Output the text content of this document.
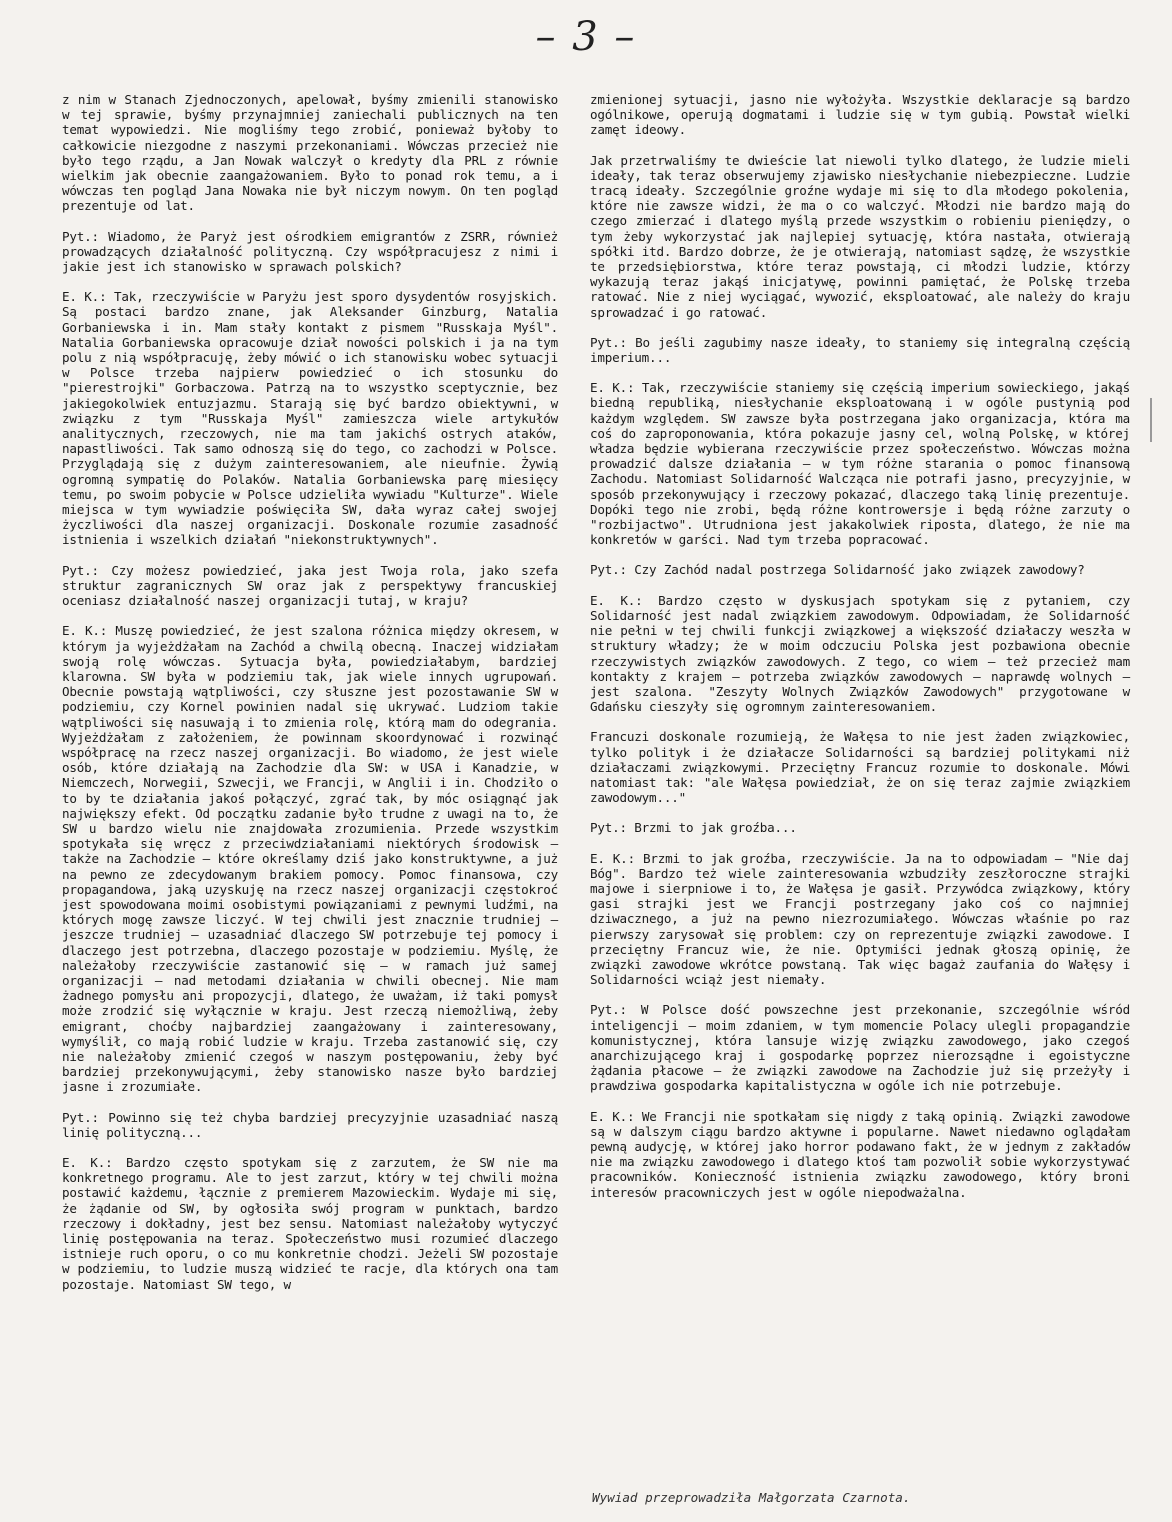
– 3 –

z nim w Stanach Zjednoczonych, apelował, byśmy zmienili stanowisko w tej sprawie, byśmy przynajmniej zaniechali publicznych na ten temat wypowiedzi. Nie mogliśmy tego zrobić, ponieważ byłoby to całkowicie niezgodne z naszymi przekonaniami. Wówczas przecież nie było tego rządu, a Jan Nowak walczył o kredyty dla PRL z równie wielkim jak obecnie zaangażowaniem. Było to ponad rok temu, a i wówczas ten pogląd Jana Nowaka nie był niczym nowym. On ten pogląd prezentuje od lat.

Pyt.: Wiadomo, że Paryż jest ośrodkiem emigrantów z ZSRR, również prowadzących działalność polityczną. Czy współpracujesz z nimi i jakie jest ich stanowisko w sprawach polskich?

E. K.: Tak, rzeczywiście w Paryżu jest sporo dysydentów rosyjskich. Są postaci bardzo znane, jak Aleksander Ginzburg, Natalia Gorbaniewska i in. Mam stały kontakt z pismem "Russkaja Myśl". Natalia Gorbaniewska opracowuje dział nowości polskich i ja na tym polu z nią współpracuję, żeby mówić o ich stanowisku wobec sytuacji w Polsce trzeba najpierw powiedzieć o ich stosunku do "pierestrojki" Gorbaczowa. Patrzą na to wszystko sceptycznie, bez jakiegokolwiek entuzjazmu. Starają się być bardzo obiektywni, w związku z tym "Russkaja Myśl" zamieszcza wiele artykułów analitycznych, rzeczowych, nie ma tam jakichś ostrych ataków, napastliwości. Tak samo odnoszą się do tego, co zachodzi w Polsce. Przyglądają się z dużym zainteresowaniem, ale nieufnie. Żywią ogromną sympatię do Polaków. Natalia Gorbaniewska parę miesięcy temu, po swoim pobycie w Polsce udzieliła wywiadu "Kulturze". Wiele miejsca w tym wywiadzie poświęciła SW, dała wyraz całej swojej życzliwości dla naszej organizacji. Doskonale rozumie zasadność istnienia i wszelkich działań "niekonstruktywnych".

Pyt.: Czy możesz powiedzieć, jaka jest Twoja rola, jako szefa struktur zagranicznych SW oraz jak z perspektywy francuskiej oceniasz działalność naszej organizacji tutaj, w kraju?

E. K.: Muszę powiedzieć, że jest szalona różnica między okresem, w którym ja wyjeżdżałam na Zachód a chwilą obecną. Inaczej widziałam swoją rolę wówczas. Sytuacja była, powiedziałabym, bardziej klarowna. SW była w podziemiu tak, jak wiele innych ugrupowań. Obecnie powstają wątpliwości, czy słuszne jest pozostawanie SW w podziemiu, czy Kornel powinien nadal się ukrywać. Ludziom takie wątpliwości się nasuwają i to zmienia rolę, którą mam do odegrania. Wyjeżdżałam z założeniem, że powinnam skoordynować i rozwinąć współpracę na rzecz naszej organizacji. Bo wiadomo, że jest wiele osób, które działają na Zachodzie dla SW: w USA i Kanadzie, w Niemczech, Norwegii, Szwecji, we Francji, w Anglii i in. Chodziło o to by te działania jakoś połączyć, zgrać tak, by móc osiągnąć jak największy efekt. Od początku zadanie było trudne z uwagi na to, że SW u bardzo wielu nie znajdowała zrozumienia. Przede wszystkim spotykała się wręcz z przeciwdziałaniami niektórych środowisk – także na Zachodzie – które określamy dziś jako konstruktywne, a już na pewno ze zdecydowanym brakiem pomocy. Pomoc finansowa, czy propagandowa, jaką uzyskuję na rzecz naszej organizacji częstokroć jest spowodowana moimi osobistymi powiązaniami z pewnymi ludźmi, na których mogę zawsze liczyć. W tej chwili jest znacznie trudniej – jeszcze trudniej – uzasadniać dlaczego SW potrzebuje tej pomocy i dlaczego jest potrzebna, dlaczego pozostaje w podziemiu. Myślę, że należałoby rzeczywiście zastanowić się – w ramach już samej organizacji – nad metodami działania w chwili obecnej. Nie mam żadnego pomysłu ani propozycji, dlatego, że uważam, iż taki pomysł może zrodzić się wyłącznie w kraju. Jest rzeczą niemożliwą, żeby emigrant, choćby najbardziej zaangażowany i zainteresowany, wymyślił, co mają robić ludzie w kraju. Trzeba zastanowić się, czy nie należałoby zmienić czegoś w naszym postępowaniu, żeby być bardziej przekonywującymi, żeby stanowisko nasze było bardziej jasne i zrozumiałe.

Pyt.: Powinno się też chyba bardziej precyzyjnie uzasadniać naszą linię polityczną...

E. K.: Bardzo często spotykam się z zarzutem, że SW nie ma konkretnego programu. Ale to jest zarzut, który w tej chwili można postawić każdemu, łącznie z premierem Mazowieckim. Wydaje mi się, że żądanie od SW, by ogłosiła swój program w punktach, bardzo rzeczowy i dokładny, jest bez sensu. Natomiast należałoby wytyczyć linię postępowania na teraz. Społeczeństwo musi rozumieć dlaczego istnieje ruch oporu, o co mu konkretnie chodzi. Jeżeli SW pozostaje w podziemiu, to ludzie muszą widzieć te racje, dla których ona tam pozostaje. Natomiast SW tego, w

zmienionej sytuacji, jasno nie wyłożyła. Wszystkie deklaracje są bardzo ogólnikowe, operują dogmatami i ludzie się w tym gubią. Powstał wielki zamęt ideowy.

Jak przetrwaliśmy te dwieście lat niewoli tylko dlatego, że ludzie mieli ideały, tak teraz obserwujemy zjawisko niesłychanie niebezpieczne. Ludzie tracą ideały. Szczególnie groźne wydaje mi się to dla młodego pokolenia, które nie zawsze widzi, że ma o co walczyć. Młodzi nie bardzo mają do czego zmierzać i dlatego myślą przede wszystkim o robieniu pieniędzy, o tym żeby wykorzystać jak najlepiej sytuację, która nastała, otwierają spółki itd. Bardzo dobrze, że je otwierają, natomiast sądzę, że wszystkie te przedsiębiorstwa, które teraz powstają, ci młodzi ludzie, którzy wykazują teraz jakąś inicjatywę, powinni pamiętać, że Polskę trzeba ratować. Nie z niej wyciągać, wywozić, eksploatować, ale należy do kraju sprowadzać i go ratować.

Pyt.: Bo jeśli zagubimy nasze ideały, to staniemy się integralną częścią imperium...

E. K.: Tak, rzeczywiście staniemy się częścią imperium sowieckiego, jakąś biedną republiką, niesłychanie eksploatowaną i w ogóle pustynią pod każdym względem. SW zawsze była postrzegana jako organizacja, która ma coś do zaproponowania, która pokazuje jasny cel, wolną Polskę, w której władza będzie wybierana rzeczywiście przez społeczeństwo. Wówczas można prowadzić dalsze działania – w tym różne starania o pomoc finansową Zachodu. Natomiast Solidarność Walcząca nie potrafi jasno, precyzyjnie, w sposób przekonywujący i rzeczowy pokazać, dlaczego taką linię prezentuje. Dopóki tego nie zrobi, będą różne kontrowersje i będą różne zarzuty o "rozbijactwo". Utrudniona jest jakakolwiek riposta, dlatego, że nie ma konkretów w garści. Nad tym trzeba popracować.

Pyt.: Czy Zachód nadal postrzega Solidarność jako związek zawodowy?

E. K.: Bardzo często w dyskusjach spotykam się z pytaniem, czy Solidarność jest nadal związkiem zawodowym. Odpowiadam, że Solidarność nie pełni w tej chwili funkcji związkowej a większość działaczy weszła w struktury władzy; że w moim odczuciu Polska jest pozbawiona obecnie rzeczywistych związków zawodowych. Z tego, co wiem – też przecież mam kontakty z krajem – potrzeba związków zawodowych – naprawdę wolnych – jest szalona. "Zeszyty Wolnych Związków Zawodowych" przygotowane w Gdańsku cieszyły się ogromnym zainteresowaniem.

Francuzi doskonale rozumieją, że Wałęsa to nie jest żaden związkowiec, tylko polityk i że działacze Solidarności są bardziej politykami niż działaczami związkowymi. Przeciętny Francuz rozumie to doskonale. Mówi natomiast tak: "ale Wałęsa powiedział, że on się teraz zajmie związkiem zawodowym..."

Pyt.: Brzmi to jak groźba...

E. K.: Brzmi to jak groźba, rzeczywiście. Ja na to odpowiadam – "Nie daj Bóg". Bardzo też wiele zainteresowania wzbudziły zeszłoroczne strajki majowe i sierpniowe i to, że Wałęsa je gasił. Przywódca związkowy, który gasi strajki jest we Francji postrzegany jako coś co najmniej dziwacznego, a już na pewno niezrozumiałego. Wówczas właśnie po raz pierwszy zarysował się problem: czy on reprezentuje związki zawodowe. I przeciętny Francuz wie, że nie. Optymiści jednak głoszą opinię, że związki zawodowe wkrótce powstaną. Tak więc bagaż zaufania do Wałęsy i Solidarności wciąż jest niemały.

Pyt.: W Polsce dość powszechne jest przekonanie, szczególnie wśród inteligencji – moim zdaniem, w tym momencie Polacy ulegli propagandzie komunistycznej, która lansuje wizję związku zawodowego, jako czegoś anarchizującego kraj i gospodarkę poprzez nierozsądne i egoistyczne żądania płacowe – że związki zawodowe na Zachodzie już się przeżyły i prawdziwa gospodarka kapitalistyczna w ogóle ich nie potrzebuje.

E. K.: We Francji nie spotkałam się nigdy z taką opinią. Związki zawodowe są w dalszym ciągu bardzo aktywne i popularne. Nawet niedawno oglądałam pewną audycję, w której jako horror podawano fakt, że w jednym z zakładów nie ma związku zawodowego i dlatego ktoś tam pozwolił sobie wykorzystywać pracowników. Konieczność istnienia związku zawodowego, który broni interesów pracowniczych jest w ogóle niepodważalna.

Wywiad przeprowadziła Małgorzata Czarnota.
